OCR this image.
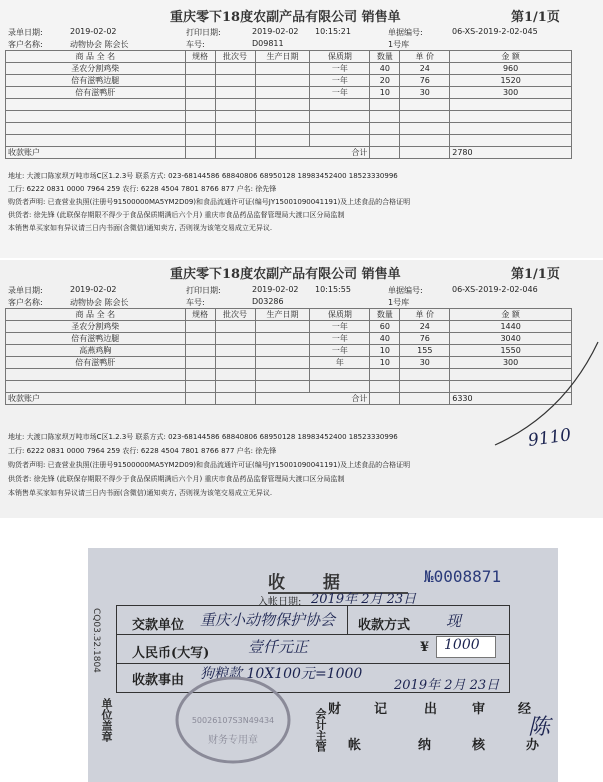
重庆零下18度农副产品有限公司 销售单	第1/1页
录单日期:	2019-02-02	打印日期:	2019-02-02 10:15:21	单据编号:	06-XS-2019-2-02-045
客户名称:	动物协会 陈会长	车号:	D09811	1号库
商 品 全 名	规格	批次号	生产日期	保质期	数量	单 价	金 额
圣农分割鸡柴				一年	40	24	960
倍有滋鸭边腿				一年	20	76	1520
倍有滋鸭肝				一年	10	30	300

收款账户			合计				2780
地址: 大渡口陈家坝万吨市场C区1.2.3号 联系方式: 023-68144586 68840806 68950128 18983452400 18523330996
工行: 6222 0831 0000 7964 259 农行: 6228 4504 7801 8766 877 户名: 徐先锋
购货者声明: 已查营业执照(注册号91500000MA5YM2D09)和食品流通许可证(编号JY15001090041191)及上述食品的合格证明
供货者: 徐先锋 (此联保存期限不得少于食品保质期满后六个月) 重庆市食品药品监督管理局大渡口区分局监制
本销售单买家如有异议请三日内书面(含微信)通知卖方, 否则视为该笔交易成立无异议.
重庆零下18度农副产品有限公司 销售单	第1/1页
录单日期:	2019-02-02	打印日期:	2019-02-02 10:15:55	单据编号:	06-XS-2019-2-02-046
客户名称:	动物协会 陈会长	车号:	D03286	1号库
商 品 全 名	规格	批次号	生产日期	保质期	数量	单 价	金 额
圣农分割鸡柴				一年	60	24	1440
倍有滋鸭边腿				一年	40	76	3040
高燕鸡胸				一年	10	155	1550
倍有滋鸭肝				年	10	30	300

收款账户			合计				6330
地址: 大渡口陈家坝万吨市场C区1.2.3号 联系方式: 023-68144586 68840806 68950128 18983452400 18523330996
工行: 6222 0831 0000 7964 259 农行: 6228 4504 7801 8766 877 户名: 徐先锋
购货者声明: 已查营业执照(注册号91500000MA5YM2D09)和食品流通许可证(编号JY15001090041191)及上述食品的合格证明
供货者: 徐先锋 (此联保存期限不得少于食品保质期满后六个月) 重庆市食品药品监督管理局大渡口区分局监制
本销售单买家如有异议请三日内书面(含微信)通知卖方, 否则视为该笔交易成立无异议.
9110
收 据	№0008871
入帐日期: 2019年 2月 23日
CQ03.32.1804 交款单位 重庆小动物保护协会 收款方式 现
人民币(大写)	壹仟元正	¥ 1000
收款事由 狗粮款 10X100元=1000
2019年 2月 23日
50026107S3N49434
财务专用章
单位盖章	会计主管 财	记	出	审	经
帐	纳	核	办
陈
